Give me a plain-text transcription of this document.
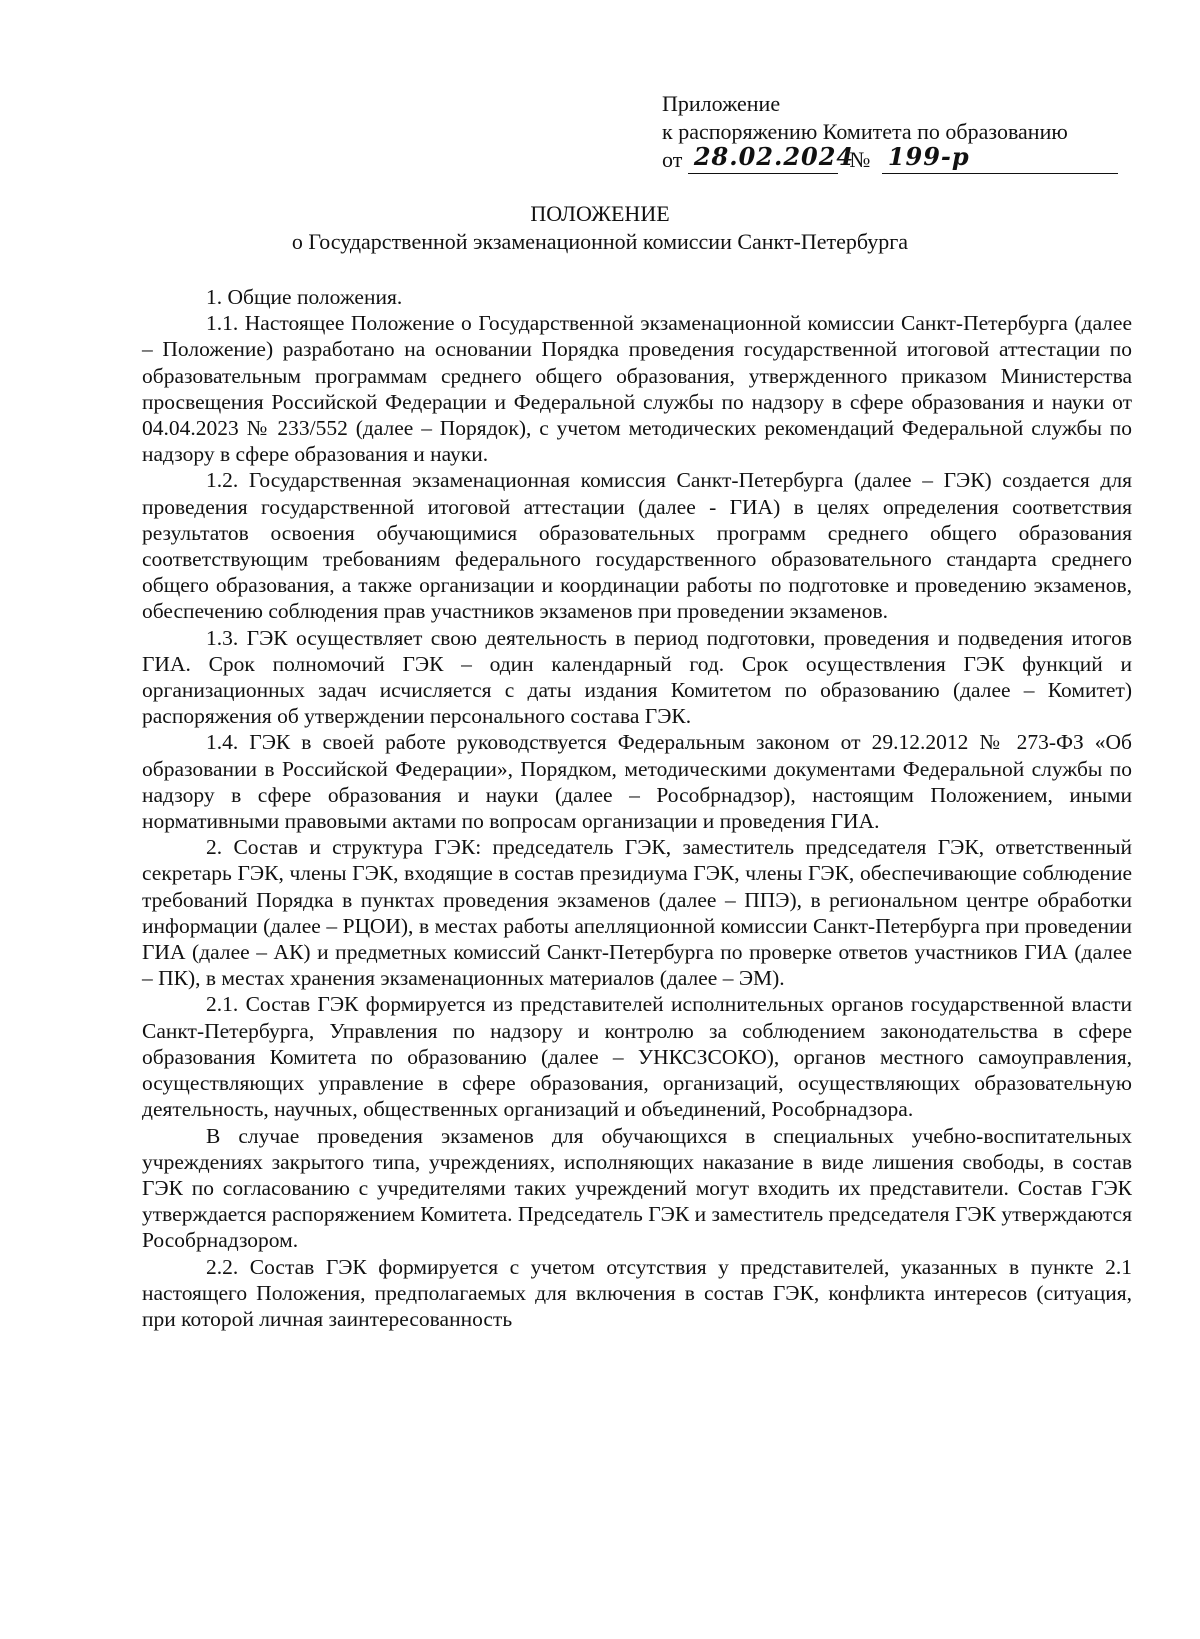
Приложение
к распоряжению Комитета по образованию
от 28.02.2024
№ 199-р
ПОЛОЖЕНИЕ
о Государственной экзаменационной комиссии Санкт-Петербурга

1. Общие положения.

1.1. Настоящее Положение о Государственной экзаменационной комиссии Санкт-Петербурга (далее – Положение) разработано на основании Порядка проведения государственной итоговой аттестации по образовательным программам среднего общего образования, утвержденного приказом Министерства просвещения Российской Федерации и Федеральной службы по надзору в сфере образования и науки от 04.04.2023 № 233/552 (далее – Порядок), с учетом методических рекомендаций Федеральной службы по надзору в сфере образования и науки.

1.2. Государственная экзаменационная комиссия Санкт-Петербурга (далее – ГЭК) создается для проведения государственной итоговой аттестации (далее - ГИА) в целях определения соответствия результатов освоения обучающимися образовательных программ среднего общего образования соответствующим требованиям федерального государственного образовательного стандарта среднего общего образования, а также организации и координации работы по подготовке и проведению экзаменов, обеспечению соблюдения прав участников экзаменов при проведении экзаменов.

1.3. ГЭК осуществляет свою деятельность в период подготовки, проведения и подведения итогов ГИА. Срок полномочий ГЭК – один календарный год. Срок осуществления ГЭК функций и организационных задач исчисляется с даты издания Комитетом по образованию (далее – Комитет) распоряжения об утверждении персонального состава ГЭК.

1.4. ГЭК в своей работе руководствуется Федеральным законом от 29.12.2012 № 273-ФЗ «Об образовании в Российской Федерации», Порядком, методическими документами Федеральной службы по надзору в сфере образования и науки (далее – Рособрнадзор), настоящим Положением, иными нормативными правовыми актами по вопросам организации и проведения ГИА.

2. Состав и структура ГЭК: председатель ГЭК, заместитель председателя ГЭК, ответственный секретарь ГЭК, члены ГЭК, входящие в состав президиума ГЭК, члены ГЭК, обеспечивающие соблюдение требований Порядка в пунктах проведения экзаменов (далее – ППЭ), в региональном центре обработки информации (далее – РЦОИ), в местах работы апелляционной комиссии Санкт-Петербурга при проведении ГИА (далее – АК) и предметных комиссий Санкт-Петербурга по проверке ответов участников ГИА (далее – ПК), в местах хранения экзаменационных материалов (далее – ЭМ).

2.1. Состав ГЭК формируется из представителей исполнительных органов государственной власти Санкт-Петербурга, Управления по надзору и контролю за соблюдением законодательства в сфере образования Комитета по образованию (далее – УНКСЗСОКО), органов местного самоуправления, осуществляющих управление в сфере образования, организаций, осуществляющих образовательную деятельность, научных, общественных организаций и объединений, Рособрнадзора.

В случае проведения экзаменов для обучающихся в специальных учебно-воспитательных учреждениях закрытого типа, учреждениях, исполняющих наказание в виде лишения свободы, в состав ГЭК по согласованию с учредителями таких учреждений могут входить их представители. Состав ГЭК утверждается распоряжением Комитета. Председатель ГЭК и заместитель председателя ГЭК утверждаются Рособрнадзором.

2.2. Состав ГЭК формируется с учетом отсутствия у представителей, указанных в пункте 2.1 настоящего Положения, предполагаемых для включения в состав ГЭК, конфликта интересов (ситуация, при которой личная заинтересованность
